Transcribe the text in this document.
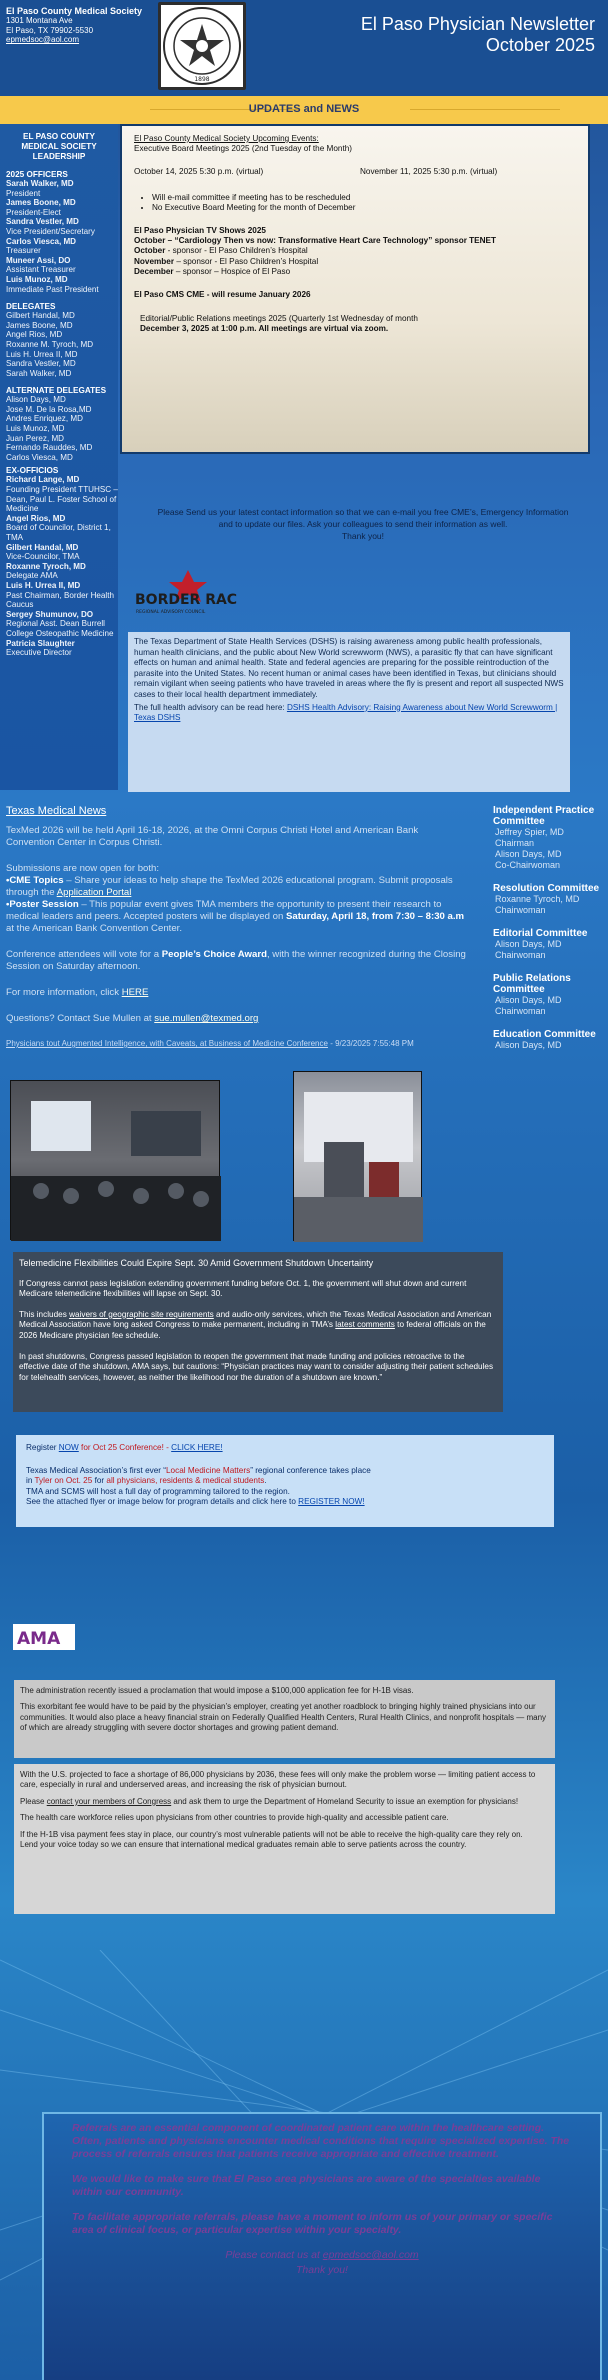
El Paso County Medical Society
1301 Montana Ave
El Paso, TX 79902-5530
epmedsoc@aol.com
1898
El Paso Physician Newsletter
October 2025
UPDATES and NEWS
EL PASO COUNTY
MEDICAL SOCIETY
LEADERSHIP
2025 OFFICERS
Sarah Walker, MD
President
James Boone, MD
President-Elect
Sandra Vestler, MD
Vice President/Secretary
Carlos Viesca, MD
Treasurer
Muneer Assi, DO
Assistant Treasurer
Luis Munoz, MD
Immediate Past President
DELEGATES
Gilbert Handal, MD
James Boone, MD
Angel Rios, MD
Roxanne M. Tyroch, MD
Luis H. Urrea II, MD
Sandra Vestler, MD
Sarah Walker, MD
ALTERNATE DELEGATES
Alison Days, MD
Jose M. De la Rosa,MD
Andres Enriquez, MD
Luis Munoz, MD
Juan Perez, MD
Fernando Rauddes, MD
Carlos Viesca, MD
EX-OFFICIOS
Richard Lange, MD
Founding President TTUHSC – Dean, Paul L. Foster School of Medicine
Angel Rios, MD
Board of Councilor, District 1, TMA
Gilbert Handal, MD
Vice-Councilor, TMA
Roxanne Tyroch, MD
Delegate AMA
Luis H. Urrea II, MD
Past Chairman, Border Health Caucus
Sergey Shumunov, DO
Regional Asst. Dean Burrell College Osteopathic Medicine
Patricia Slaughter
Executive Director
El Paso County Medical Society Upcoming Events:
Executive Board Meetings 2025 (2nd Tuesday of the Month)
October 14, 2025 5:30 p.m. (virtual)	November 11, 2025 5:30 p.m. (virtual)
• Will e-mail committee if meeting has to be rescheduled
• No Executive Board Meeting for the month of December
El Paso Physician TV Shows 2025
October – “Cardiology Then vs now: Transformative Heart Care Technology” sponsor TENET
October - sponsor - El Paso Children’s Hospital
November – sponsor - El Paso Children’s Hospital
December – sponsor – Hospice of El Paso
El Paso CMS CME - will resume January 2026
Editorial/Public Relations meetings 2025 (Quarterly 1st Wednesday of month
December 3, 2025 at 1:00 p.m. All meetings are virtual via zoom.
Please Send us your latest contact information so that we can e-mail you free CME’s, Emergency Information
and to update our files. Ask your colleagues to send their information as well.
Thank you!
BORDER RAC
REGIONAL ADVISORY COUNCIL
The Texas Department of State Health Services (DSHS) is raising awareness among public health professionals, human health clinicians, and the public about New World screwworm (NWS), a parasitic fly that can have significant effects on human and animal health. State and federal agencies are preparing for the possible reintroduction of the parasite into the United States. No recent human or animal cases have been identified in Texas, but clinicians should remain vigilant when seeing patients who have traveled in areas where the fly is present and report all suspected NWS cases to their local health department immediately.
The full health advisory can be read here: DSHS Health Advisory: Raising Awareness about New World Screwworm | Texas DSHS
Texas Medical News

TexMed 2026 will be held April 16-18, 2026, at the Omni Corpus Christi Hotel and American Bank Convention Center in Corpus Christi.

Submissions are now open for both:
•CME Topics – Share your ideas to help shape the TexMed 2026 educational program. Submit proposals through the Application Portal
•Poster Session – This popular event gives TMA members the opportunity to present their research to medical leaders and peers. Accepted posters will be displayed on Saturday, April 18, from 7:30 – 8:30 a.m at the American Bank Convention Center.

Conference attendees will vote for a People’s Choice Award, with the winner recognized during the Closing Session on Saturday afternoon.

For more information, click HERE

Questions? Contact Sue Mullen at sue.mullen@texmed.org

Physicians tout Augmented Intelligence, with Caveats, at Business of Medicine Conference - 9/23/2025 7:55:48 PM
Telemedicine Flexibilities Could Expire Sept. 30 Amid Government Shutdown Uncertainty
If Congress cannot pass legislation extending government funding before Oct. 1, the government will shut down and current Medicare telemedicine flexibilities will lapse on Sept. 30.
This includes waivers of geographic site requirements and audio-only services, which the Texas Medical Association and American Medical Association have long asked Congress to make permanent, including in TMA’s latest comments to federal officials on the 2026 Medicare physician fee schedule.
In past shutdowns, Congress passed legislation to reopen the government that made funding and policies retroactive to the effective date of the shutdown, AMA says, but cautions: “Physician practices may want to consider adjusting their patient schedules for telehealth services, however, as neither the likelihood nor the duration of a shutdown are known.”
Register NOW for Oct 25 Conference! - CLICK HERE!
Texas Medical Association’s first ever “Local Medicine Matters” regional conference takes place
in Tyler on Oct. 25 for all physicians, residents & medical students.
TMA and SCMS will host a full day of programming tailored to the region.
See the attached flyer or image below for program details and click here to REGISTER NOW!
Independent Practice Committee
Jeffrey Spier, MD
Chairman
Alison Days, MD
Co-Chairwoman
Resolution Committee
Roxanne Tyroch, MD
Chairwoman
Editorial Committee
Alison Days, MD
Chairwoman
Public Relations Committee
Alison Days, MD
Chairwoman
Education Committee
Alison Days, MD
AMA

The administration recently issued a proclamation that would impose a $100,000 application fee for H-1B visas.

This exorbitant fee would have to be paid by the physician’s employer, creating yet another roadblock to bringing highly trained physicians into our communities. It would also place a heavy financial strain on Federally Qualified Health Centers, Rural Health Clinics, and nonprofit hospitals — many of which are already struggling with severe doctor shortages and growing patient demand.

With the U.S. projected to face a shortage of 86,000 physicians by 2036, these fees will only make the problem worse — limiting patient access to care, especially in rural and underserved areas, and increasing the risk of physician burnout.

Please contact your members of Congress and ask them to urge the Department of Homeland Security to issue an exemption for physicians!

The health care workforce relies upon physicians from other countries to provide high-quality and accessible patient care.

If the H-1B visa payment fees stay in place, our country’s most vulnerable patients will not be able to receive the high-quality care they rely on.

Lend your voice today so we can ensure that international medical graduates remain able to serve patients across the country.

Referrals are an essential component of coordinated patient care within the healthcare setting. Often, patients and physicians encounter medical conditions that require specialized expertise. The process of referrals ensures that patients receive appropriate and effective treatment.

We would like to make sure that El Paso area physicians are aware of the specialties available within our community.

To facilitate appropriate referrals, please have a moment to inform us of your primary or specific area of clinical focus, or particular expertise within your specialty.

Please contact us at epmedsoc@aol.com

Thank you!
